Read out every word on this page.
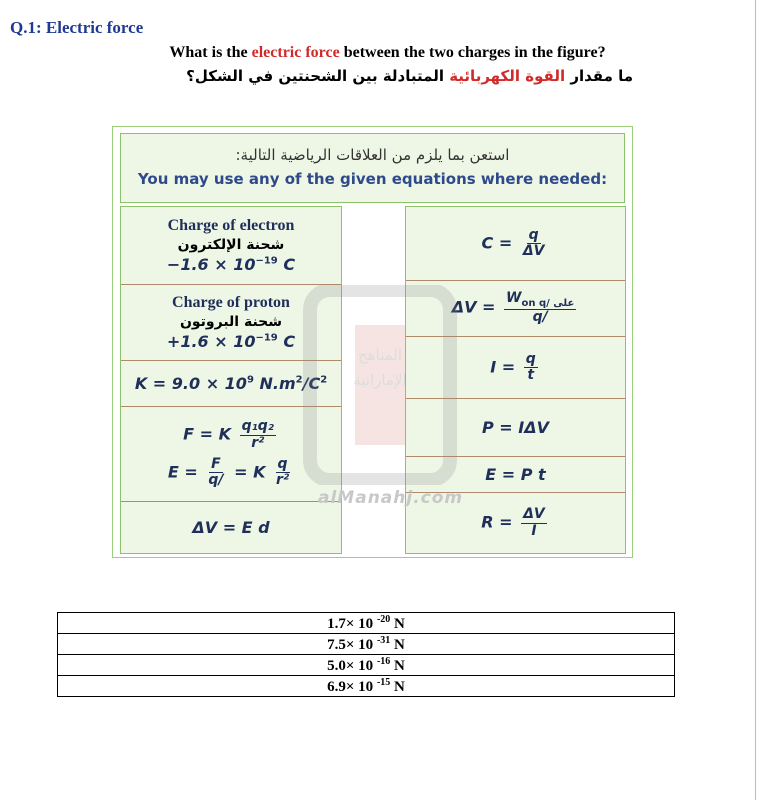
Q.1: Electric force
What is the electric force between the two charges in the figure?
ما مقدار القوة الكهربائية المتبادلة بين الشحنتين في الشكل؟
استعن بما يلزم من العلاقات الرياضية التالية:
You may use any of the given equations where needed:
Charge of electron
شحنة الإلكترون
$-1.6 \times 10^{-19}$ C
Charge of proton
شحنة البروتون
$+1.6 \times 10^{-19}$ C
$K = 9.0 \times 10^9$ $N.m^2/C^2$
F = K $\frac{\text{q₁q₂}}{\text{r²}}$
$E = \frac{F}{q/} = K \frac{q}{\text{r²}}$
ΔV = E d
$C = \frac{q}{\Delta V}$
$\Delta V = \frac{W_{on q/ على}}{q/}$
$I = \frac{q}{t}$
P = IΔV
E = P t
$R = \frac{\Delta V}{I}$
المناهج
الإماراتية
alManahj.com
1.7× 10 $^{-20}$ N
7.5× 10 $^{-31}$ N
5.0× 10 $^{-16}$ N
6.9× 10 $^{-15}$ N
